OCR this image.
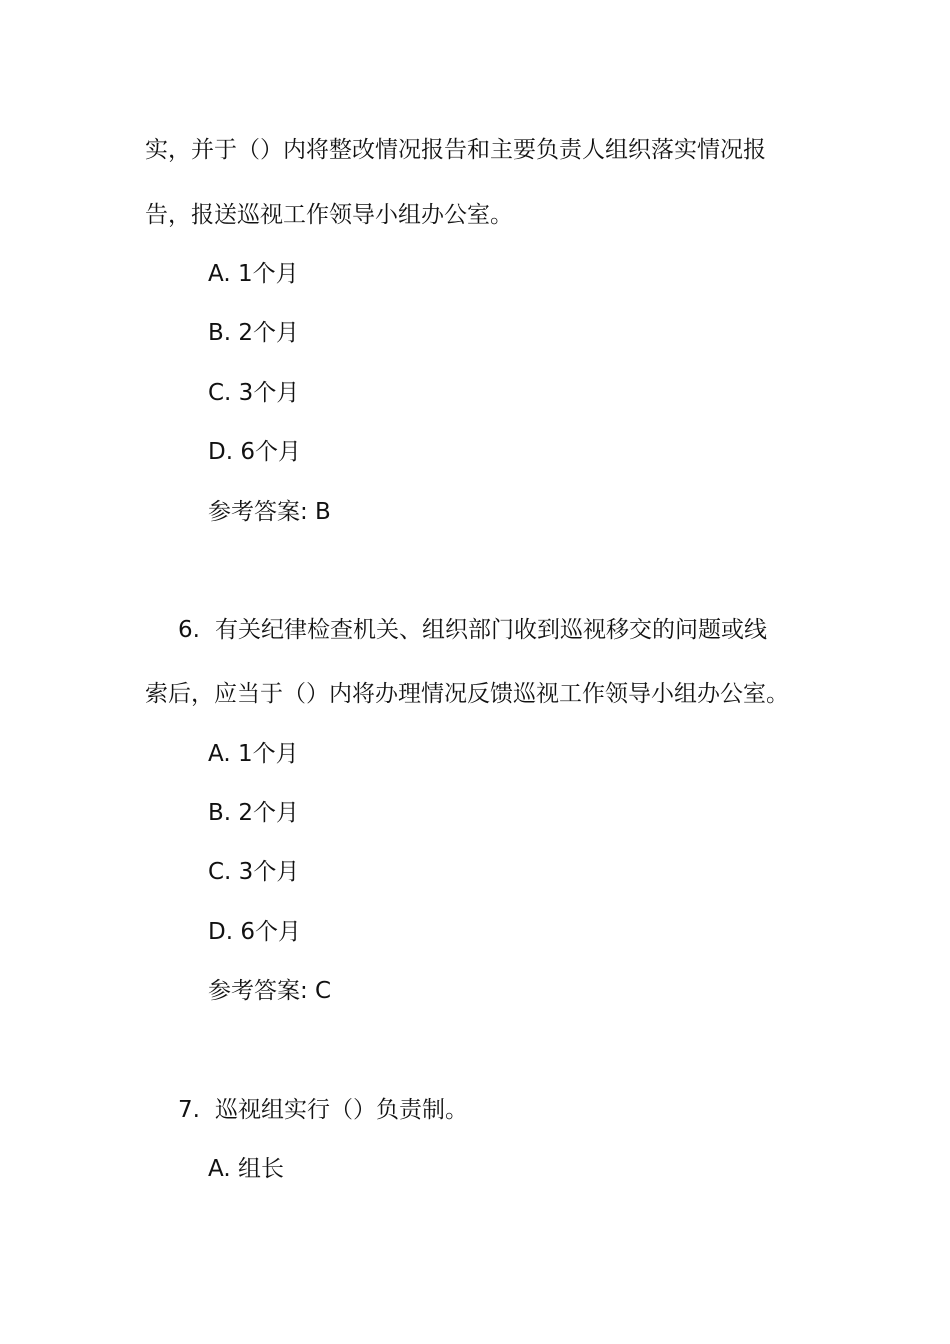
实，并于（）内将整改情况报告和主要负责人组织落实情况报

告，报送巡视工作领导小组办公室。

A. 1个月

B. 2个月

C. 3个月

D. 6个月

参考答案: B

6. 有关纪律检查机关、组织部门收到巡视移交的问题或线

索后，应当于（）内将办理情况反馈巡视工作领导小组办公室。

A. 1个月

B. 2个月

C. 3个月

D. 6个月

参考答案: C

7. 巡视组实行（）负责制。

A. 组长
